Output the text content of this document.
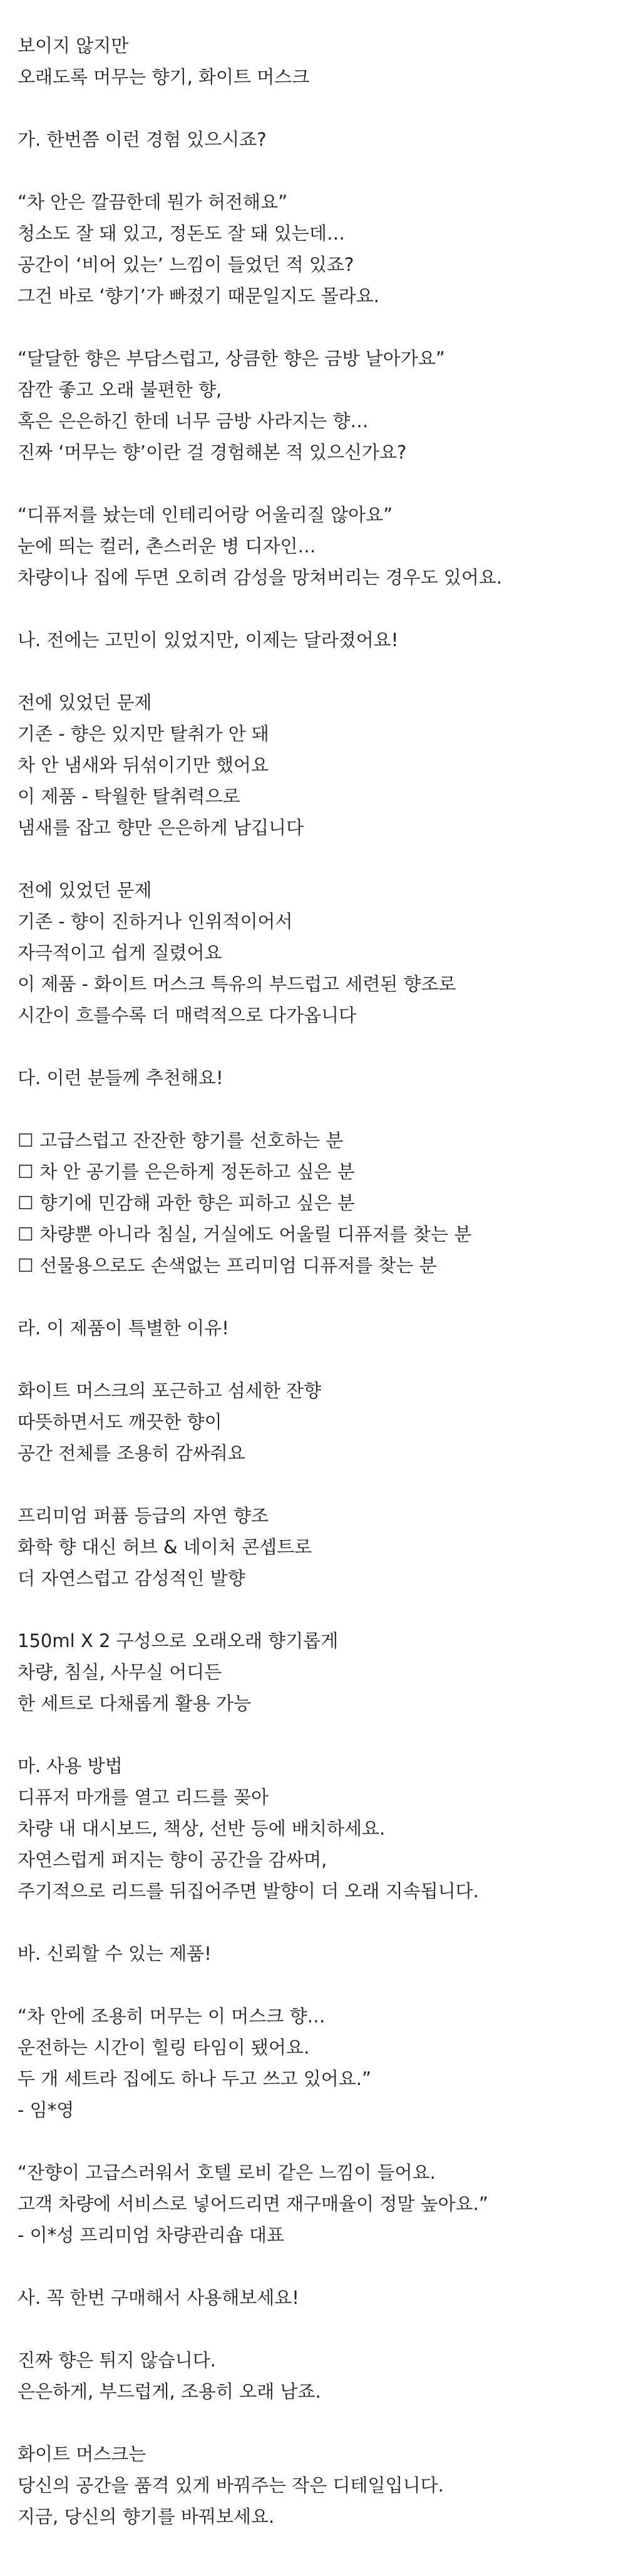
보이지 않지만
오래도록 머무는 향기, 화이트 머스크
가. 한번쯤 이런 경험 있으시죠?
“차 안은 깔끔한데 뭔가 허전해요”
청소도 잘 돼 있고, 정돈도 잘 돼 있는데…
공간이 ‘비어 있는’ 느낌이 들었던 적 있죠?
그건 바로 ‘향기’가 빠졌기 때문일지도 몰라요.
“달달한 향은 부담스럽고, 상큼한 향은 금방 날아가요”
잠깐 좋고 오래 불편한 향,
혹은 은은하긴 한데 너무 금방 사라지는 향…
진짜 ‘머무는 향’이란 걸 경험해본 적 있으신가요?
“디퓨저를 놨는데 인테리어랑 어울리질 않아요”
눈에 띄는 컬러, 촌스러운 병 디자인…
차량이나 집에 두면 오히려 감성을 망쳐버리는 경우도 있어요.
나. 전에는 고민이 있었지만, 이제는 달라졌어요!
전에 있었던 문제
기존 - 향은 있지만 탈취가 안 돼
차 안 냄새와 뒤섞이기만 했어요
이 제품 - 탁월한 탈취력으로
냄새를 잡고 향만 은은하게 남깁니다
전에 있었던 문제
기존 - 향이 진하거나 인위적이어서
자극적이고 쉽게 질렸어요
이 제품 - 화이트 머스크 특유의 부드럽고 세련된 향조로
시간이 흐를수록 더 매력적으로 다가옵니다
다. 이런 분들께 추천해요!
☐ 고급스럽고 잔잔한 향기를 선호하는 분
☐ 차 안 공기를 은은하게 정돈하고 싶은 분
☐ 향기에 민감해 과한 향은 피하고 싶은 분
☐ 차량뿐 아니라 침실, 거실에도 어울릴 디퓨저를 찾는 분
☐ 선물용으로도 손색없는 프리미엄 디퓨저를 찾는 분
라. 이 제품이 특별한 이유!
화이트 머스크의 포근하고 섬세한 잔향
따뜻하면서도 깨끗한 향이
공간 전체를 조용히 감싸줘요
프리미엄 퍼퓸 등급의 자연 향조
화학 향 대신 허브 & 네이처 콘셉트로
더 자연스럽고 감성적인 발향
150ml X 2 구성으로 오래오래 향기롭게
차량, 침실, 사무실 어디든
한 세트로 다채롭게 활용 가능
마. 사용 방법
디퓨저 마개를 열고 리드를 꽂아
차량 내 대시보드, 책상, 선반 등에 배치하세요.
자연스럽게 퍼지는 향이 공간을 감싸며,
주기적으로 리드를 뒤집어주면 발향이 더 오래 지속됩니다.
바. 신뢰할 수 있는 제품!
“차 안에 조용히 머무는 이 머스크 향…
운전하는 시간이 힐링 타임이 됐어요.
두 개 세트라 집에도 하나 두고 쓰고 있어요.”
- 임*영
“잔향이 고급스러워서 호텔 로비 같은 느낌이 들어요.
고객 차량에 서비스로 넣어드리면 재구매율이 정말 높아요.”
- 이*성 프리미엄 차량관리숍 대표
사. 꼭 한번 구매해서 사용해보세요!
진짜 향은 튀지 않습니다.
은은하게, 부드럽게, 조용히 오래 남죠.
화이트 머스크는
당신의 공간을 품격 있게 바꿔주는 작은 디테일입니다.
지금, 당신의 향기를 바꿔보세요.
